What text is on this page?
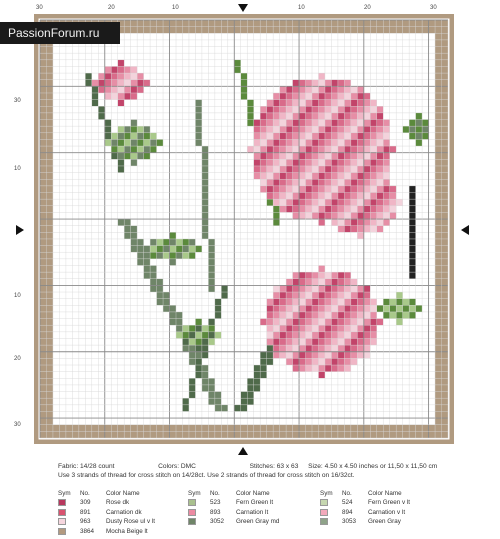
30	20	10	10	20	30
30
10
10
20
30
PassionForum.ru
Fabric: 14/28 count	Colors: DMC	Stitches: 63 x 63 Size: 4.50 x 4.50 inches or 11,50 x 11,50 cm
Use 3 strands of thread for cross stitch on 14/28ct. Use 2 strands of thread for cross stitch on 16/32ct.
Sym No.	Color Name
309 Rose dk
891 Carnation dk
963 Dusty Rose ul v lt
3864 Mocha Beige lt
Sym No.	Color Name
523 Fern Green lt
893 Carnation lt
3052 Green Gray md
Sym No.	Color Name
524 Fern Green v lt
894 Carnation v lt
3053 Green Gray
